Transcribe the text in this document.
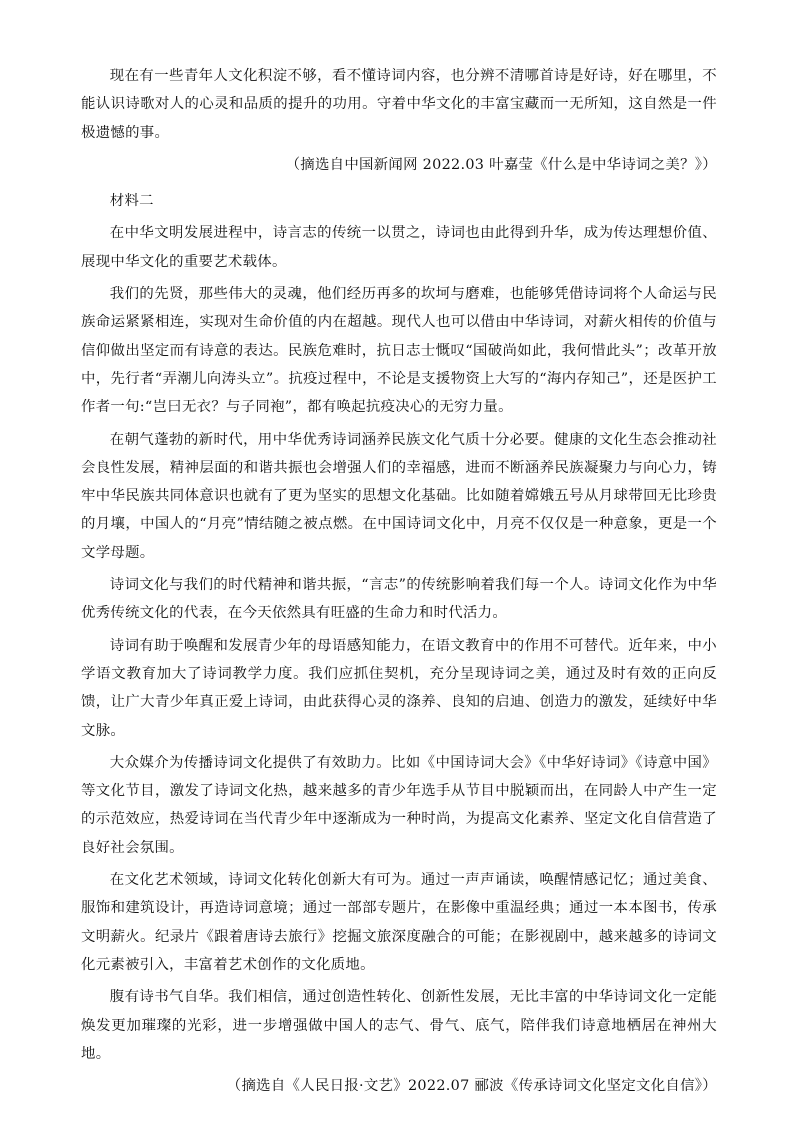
现在有一些青年人文化积淀不够，看不懂诗词内容，也分辨不清哪首诗是好诗，好在哪里，不能认识诗歌对人的心灵和品质的提升的功用。守着中华文化的丰富宝藏而一无所知，这自然是一件极遗憾的事。

（摘选自中国新闻网 2022.03 叶嘉莹《什么是中华诗词之美？》）

材料二

在中华文明发展进程中，诗言志的传统一以贯之，诗词也由此得到升华，成为传达理想价值、展现中华文化的重要艺术载体。

我们的先贤，那些伟大的灵魂，他们经历再多的坎坷与磨难，也能够凭借诗词将个人命运与民族命运紧紧相连，实现对生命价值的内在超越。现代人也可以借由中华诗词，对薪火相传的价值与信仰做出坚定而有诗意的表达。民族危难时，抗日志士慨叹“国破尚如此，我何惜此头”；改革开放中，先行者“弄潮儿向涛头立”。抗疫过程中，不论是支援物资上大写的“海内存知己”，还是医护工作者一句:“岂曰无衣？与子同袍”，都有唤起抗疫决心的无穷力量。

在朝气蓬勃的新时代，用中华优秀诗词涵养民族文化气质十分必要。健康的文化生态会推动社会良性发展，精神层面的和谐共振也会增强人们的幸福感，进而不断涵养民族凝聚力与向心力，铸牢中华民族共同体意识也就有了更为坚实的思想文化基础。比如随着嫦娥五号从月球带回无比珍贵的月壤，中国人的“月亮”情结随之被点燃。在中国诗词文化中，月亮不仅仅是一种意象，更是一个文学母题。

诗词文化与我们的时代精神和谐共振，“言志”的传统影响着我们每一个人。诗词文化作为中华优秀传统文化的代表，在今天依然具有旺盛的生命力和时代活力。

诗词有助于唤醒和发展青少年的母语感知能力，在语文教育中的作用不可替代。近年来，中小学语文教育加大了诗词教学力度。我们应抓住契机，充分呈现诗词之美，通过及时有效的正向反馈，让广大青少年真正爱上诗词，由此获得心灵的涤养、良知的启迪、创造力的激发，延续好中华文脉。

大众媒介为传播诗词文化提供了有效助力。比如《中国诗词大会》《中华好诗词》《诗意中国》等文化节目，激发了诗词文化热，越来越多的青少年选手从节目中脱颖而出，在同龄人中产生一定的示范效应，热爱诗词在当代青少年中逐渐成为一种时尚，为提高文化素养、坚定文化自信营造了良好社会氛围。

在文化艺术领域，诗词文化转化创新大有可为。通过一声声诵读，唤醒情感记忆；通过美食、服饰和建筑设计，再造诗词意境；通过一部部专题片，在影像中重温经典；通过一本本图书，传承文明薪火。纪录片《跟着唐诗去旅行》挖掘文旅深度融合的可能；在影视剧中，越来越多的诗词文化元素被引入，丰富着艺术创作的文化质地。

腹有诗书气自华。我们相信，通过创造性转化、创新性发展，无比丰富的中华诗词文化一定能焕发更加璀璨的光彩，进一步增强做中国人的志气、骨气、底气，陪伴我们诗意地栖居在神州大地。

（摘选自《人民日报·文艺》2022.07 郦波《传承诗词文化坚定文化自信》）
